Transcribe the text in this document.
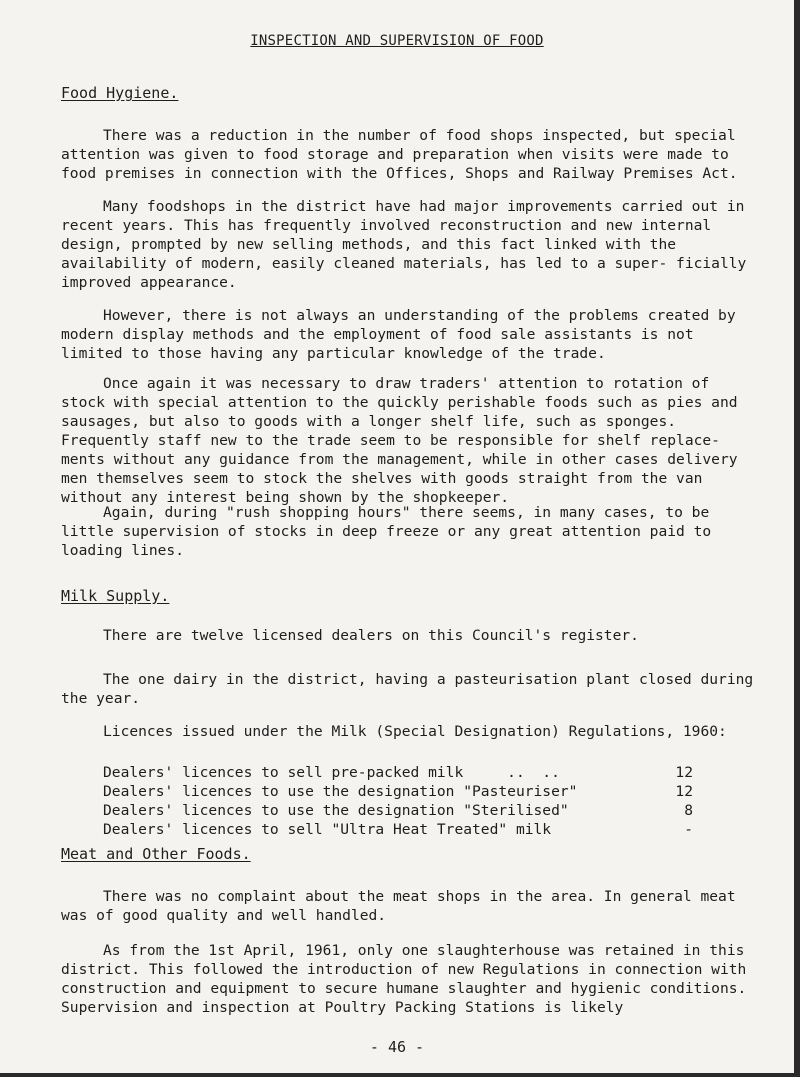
INSPECTION AND SUPERVISION OF FOOD
Food Hygiene.
There was a reduction in the number of food shops inspected, but special attention was given to food storage and preparation when visits were made to food premises in connection with the Offices, Shops and Railway Premises Act.
Many foodshops in the district have had major improvements carried out in recent years. This has frequently involved reconstruction and new internal design, prompted by new selling methods, and this fact linked with the availability of modern, easily cleaned materials, has led to a super- ficially improved appearance.
However, there is not always an understanding of the problems created by modern display methods and the employment of food sale assistants is not limited to those having any particular knowledge of the trade.
Once again it was necessary to draw traders' attention to rotation of stock with special attention to the quickly perishable foods such as pies and sausages, but also to goods with a longer shelf life, such as sponges. Frequently staff new to the trade seem to be responsible for shelf replace- ments without any guidance from the management, while in other cases delivery men themselves seem to stock the shelves with goods straight from the van without any interest being shown by the shopkeeper.
Again, during "rush shopping hours" there seems, in many cases, to be little supervision of stocks in deep freeze or any great attention paid to loading lines.
Milk Supply.
There are twelve licensed dealers on this Council's register.
The one dairy in the district, having a pasteurisation plant closed during the year.
Licences issued under the Milk (Special Designation) Regulations, 1960:
Dealers' licences to sell pre-packed milk     ..  ..	12
Dealers' licences to use the designation "Pasteuriser"	12
Dealers' licences to use the designation "Sterilised"	8
Dealers' licences to sell "Ultra Heat Treated" milk	-
Meat and Other Foods.
There was no complaint about the meat shops in the area. In general meat was of good quality and well handled.
As from the 1st April, 1961, only one slaughterhouse was retained in this district. This followed the introduction of new Regulations in connection with construction and equipment to secure humane slaughter and hygienic conditions. Supervision and inspection at Poultry Packing Stations is likely
- 46 -
